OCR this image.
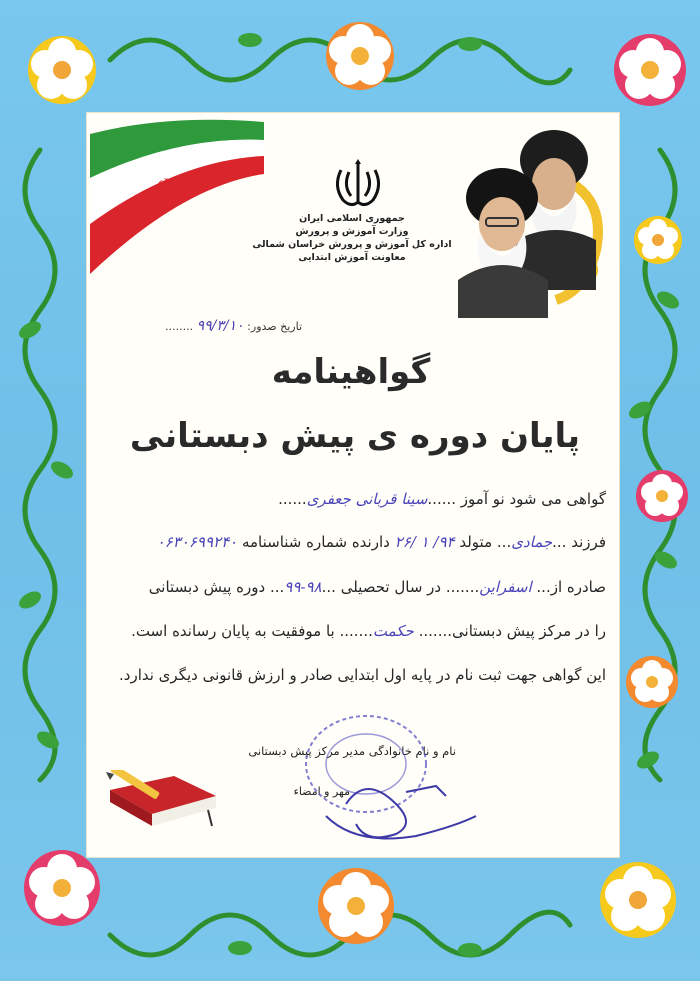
☫
جمهوری اسلامی ایران
وزارت آموزش و پرورش
اداره کل آموزش و پرورش خراسان شمالی
معاونت آموزش ابتدایی
تاریخ صدور: ۹۹/۳/۱۰ ........
گواهینامه
پایان دوره ی پیش دبستانی
گواهی می شود نو آموز ......سینا قربانی جعفری......
فرزند ...جمادی... متولد ۹۴/ ۱ /۲۶ دارنده شماره شناسنامه ۰۶۳۰۶۹۹۲۴۰
صادره از... اسفراین....... در سال تحصیلی ...۹۸-۹۹... دوره پیش دبستانی
را در مرکز پیش دبستانی....... حکمت....... با موفقیت به پایان رسانده است.
این گواهی جهت ثبت نام در پایه اول ابتدایی صادر و ارزش قانونی دیگری ندارد.
نام و نام خانوادگی مدیر مرکز پیش دبستانی
مهر و امضاء
